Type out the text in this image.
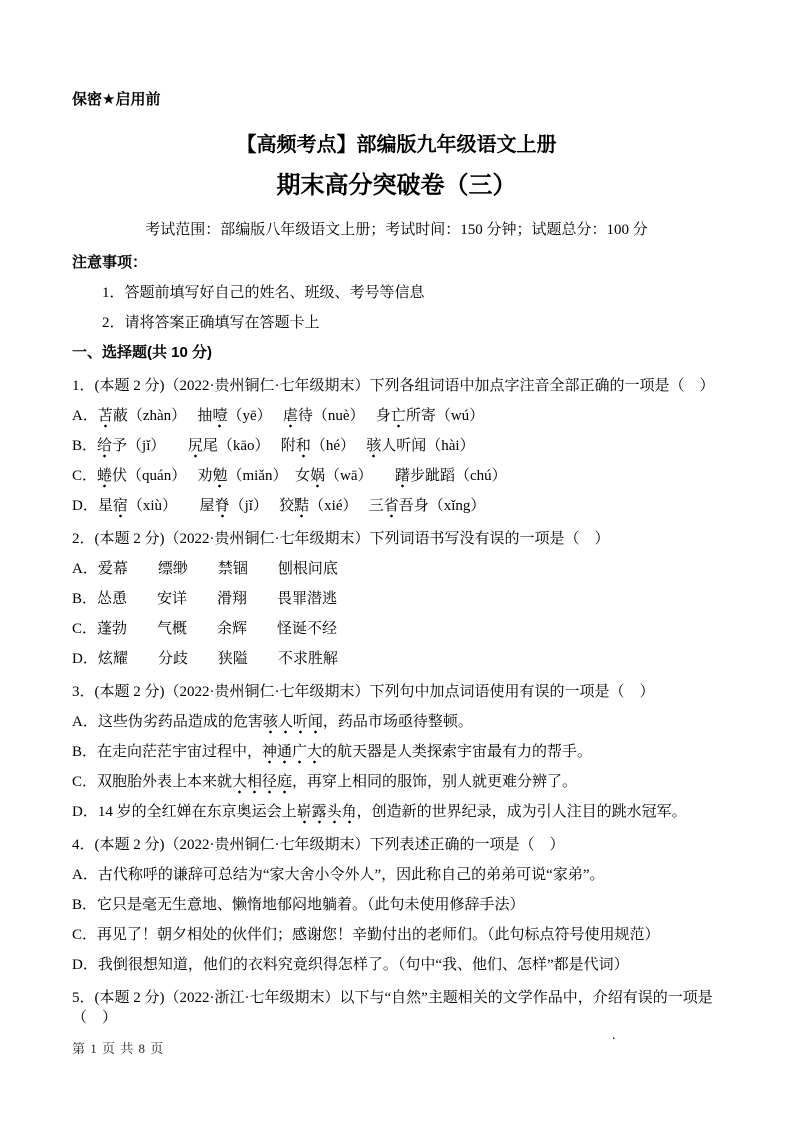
保密★启用前
【高频考点】部编版九年级语文上册
期末高分突破卷（三）
考试范围：部编版八年级语文上册；考试时间：150 分钟；试题总分：100 分
注意事项：
1．答题前填写好自己的姓名、班级、考号等信息
2．请将答案正确填写在答题卡上
一、选择题(共 10 分)

1．(本题 2 分)（2022·贵州铜仁·七年级期末）下列各组词语中加点字注音全部正确的一项是（　）

A．苫蔽（zhàn）　 抽噎（yē）　 虐待（nuè）　 身亡所寄（wú）

B．给予（jǐ）　　尻尾（kāo）　 附和（hé）　 骇人听闻（hài）

C．蜷伏（quán）　 劝勉（miǎn）　女娲（wā）　　躇步跐蹈（chú）

D．星宿（xiù）　　屋脊（jǐ）　 狡黠（xié）　 三省吾身（xǐng）

2．(本题 2 分)（2022·贵州铜仁·七年级期末）下列词语书写没有误的一项是（　）

A．爱幕　　缥缈　　禁锢　　刨根问底

B．怂恿　　安详　　滑翔　　畏罪潜逃

C．蓬勃　　气概　　余辉　　怪诞不经

D．炫耀　　分歧　　狭隘　　不求胜解

3．(本题 2 分)（2022·贵州铜仁·七年级期末）下列句中加点词语使用有误的一项是（　）

A．这些伪劣药品造成的危害骇人听闻，药品市场亟待整顿。

B．在走向茫茫宇宙过程中，神通广大的航天器是人类探索宇宙最有力的帮手。

C．双胞胎外表上本来就大相径庭，再穿上相同的服饰，别人就更难分辨了。

D．14 岁的全红婵在东京奥运会上崭露头角，创造新的世界纪录，成为引人注目的跳水冠军。

4．(本题 2 分)（2022·贵州铜仁·七年级期末）下列表述正确的一项是（　）

A．古代称呼的谦辞可总结为“家大舍小令外人”，因此称自己的弟弟可说“家弟”。

B．它只是毫无生意地、懒惰地郁闷地躺着。（此句未使用修辞手法）

C．再见了！朝夕相处的伙伴们；感谢您！辛勤付出的老师们。（此句标点符号使用规范）

D．我倒很想知道，他们的衣料究竟织得怎样了。（句中“我、他们、怎样”都是代词）

5．(本题 2 分)（2022·浙江·七年级期末）以下与“自然”主题相关的文学作品中，介绍有误的一项是（　）

第 1 页 共 8 页
.
